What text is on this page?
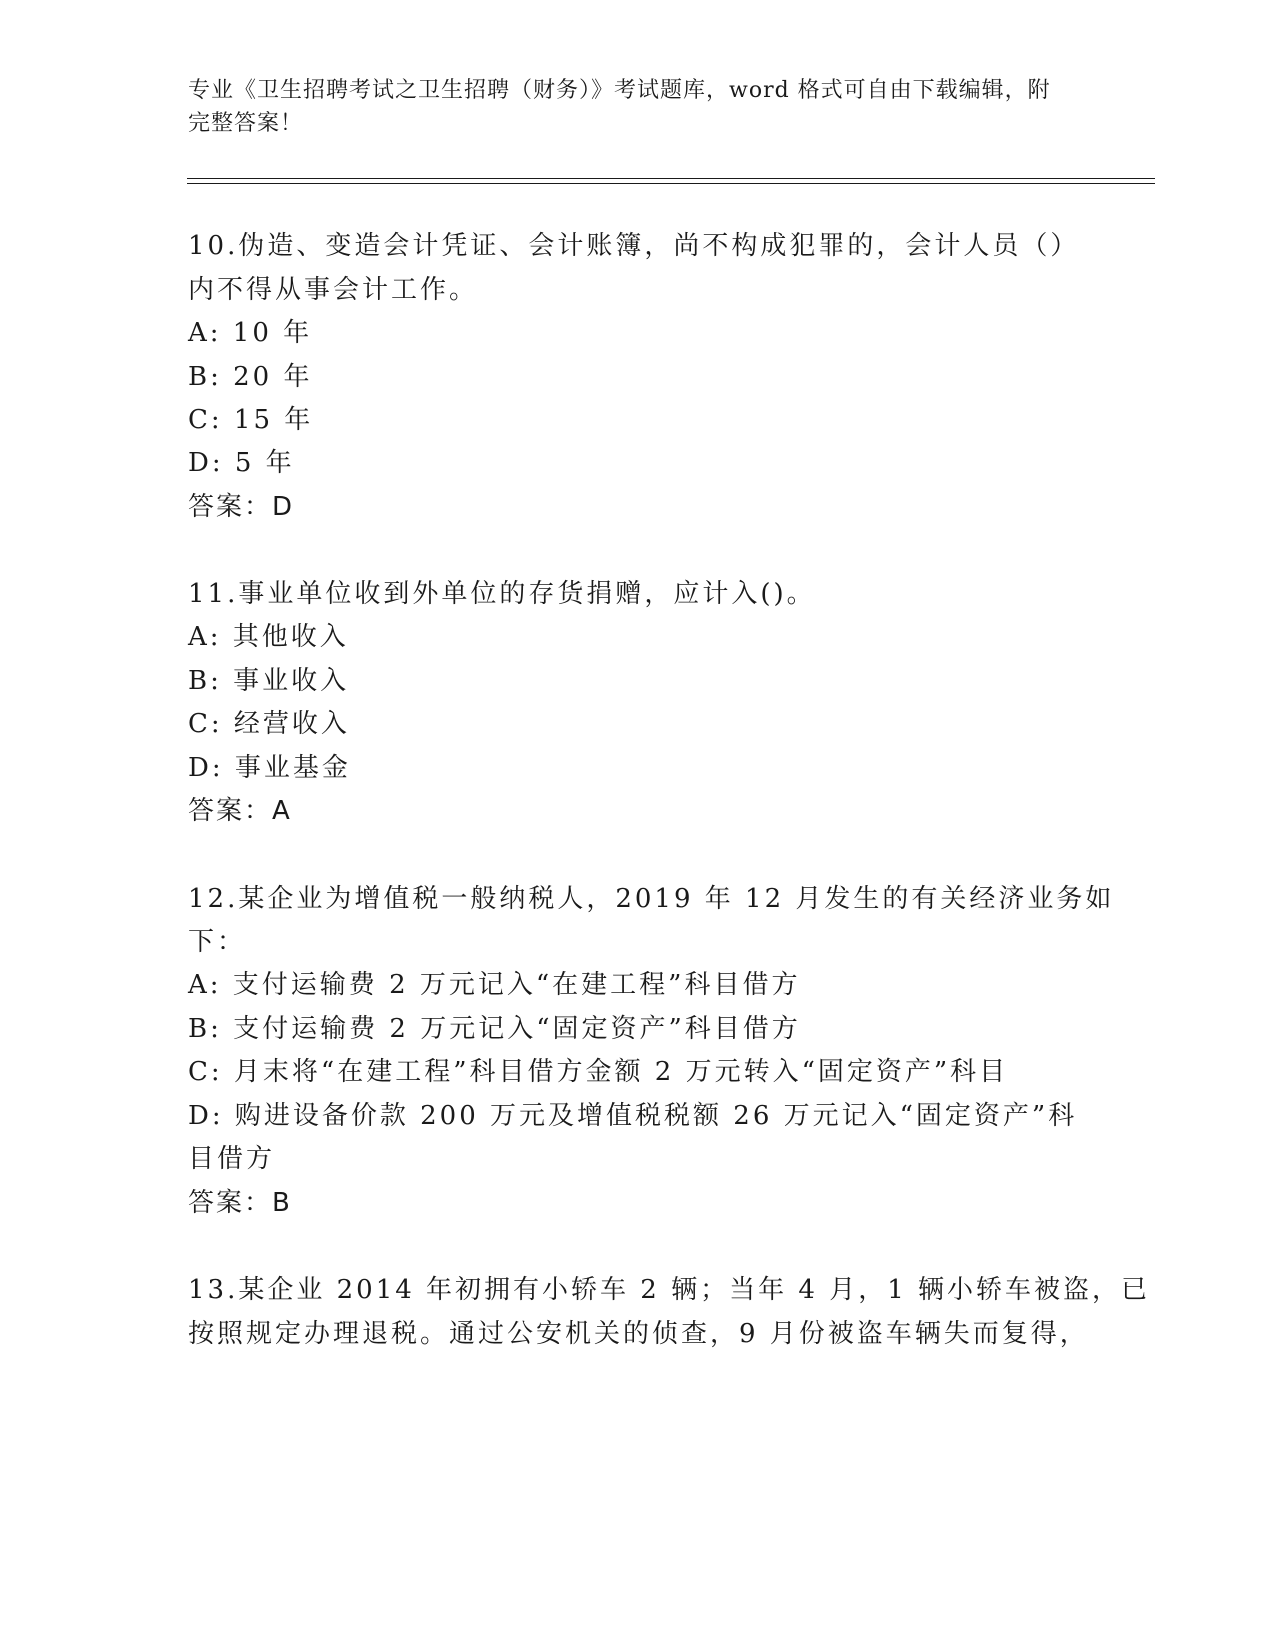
专业《卫生招聘考试之卫生招聘（财务）》考试题库，word 格式可自由下载编辑，附完整答案！
10.伪造、变造会计凭证、会计账簿，尚不构成犯罪的，会计人员（）
内不得从事会计工作。
A: 10 年
B: 20 年
C: 15 年
D: 5 年
答案：D
11.事业单位收到外单位的存货捐赠，应计入()。
A: 其他收入
B: 事业收入
C: 经营收入
D: 事业基金
答案：A
12.某企业为增值税一般纳税人，2019 年 12 月发生的有关经济业务如
下：
A: 支付运输费 2 万元记入“在建工程”科目借方
B: 支付运输费 2 万元记入“固定资产”科目借方
C: 月末将“在建工程”科目借方金额 2 万元转入“固定资产”科目
D: 购进设备价款 200 万元及增值税税额 26 万元记入“固定资产”科
目借方
答案：B
13.某企业 2014 年初拥有小轿车 2 辆；当年 4 月，1 辆小轿车被盗，已
按照规定办理退税。通过公安机关的侦查，9 月份被盗车辆失而复得，
